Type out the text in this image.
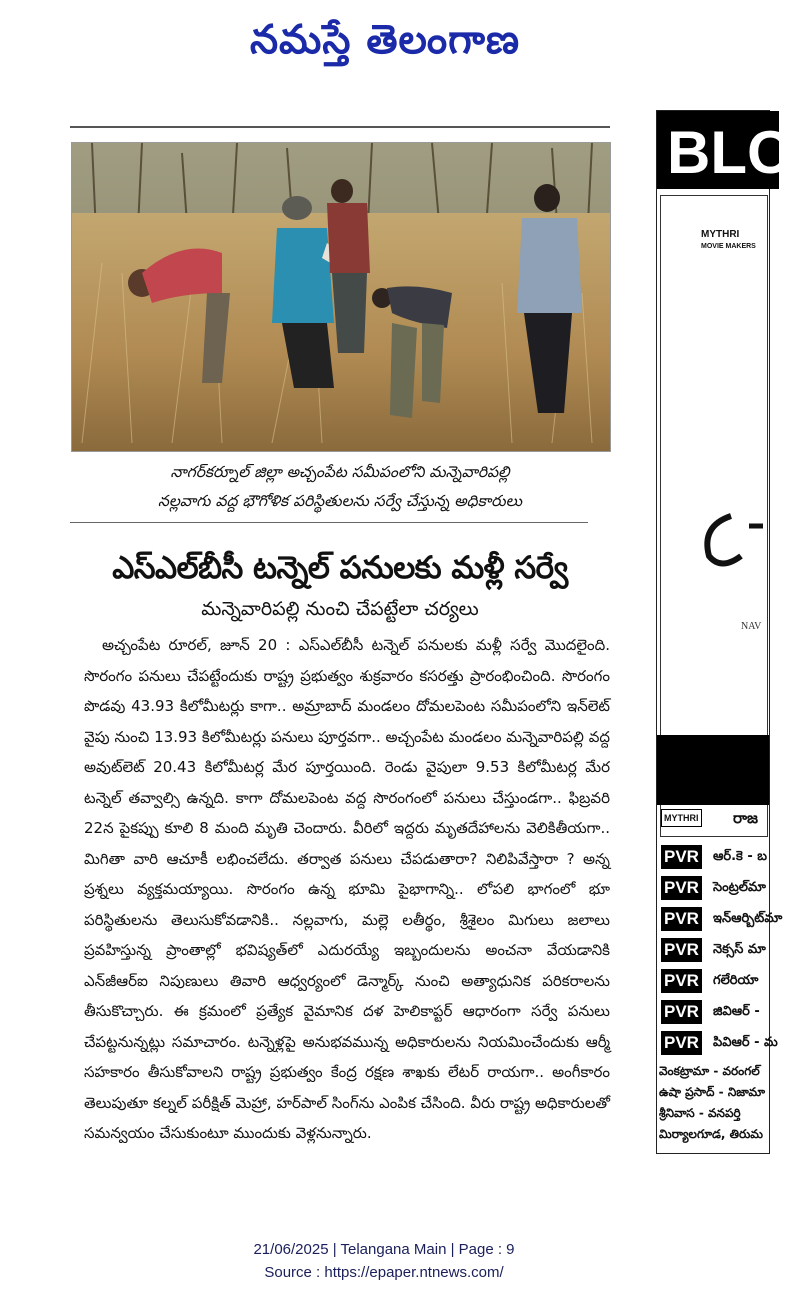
నమస్తే తెలంగాణ
నాగర్‌కర్నూల్ జిల్లా అచ్చంపేట సమీపంలోని మన్నెవారిపల్లి
నల్లవాగు వద్ద భౌగోళిక పరిస్థితులను సర్వే చేస్తున్న అధికారులు
ఎస్‌ఎల్‌బీసీ టన్నెల్ పనులకు మళ్లీ సర్వే
మన్నెవారిపల్లి నుంచి చేపట్టేలా చర్యలు
అచ్చంపేట రూరల్, జూన్ 20 : ఎస్‌ఎల్‌బీసీ టన్నెల్ పనులకు మళ్లీ సర్వే మొదలైంది. సొరంగం పనులు చేపట్టేందుకు రాష్ట్ర ప్రభుత్వం శుక్రవారం కసరత్తు ప్రారంభించింది. సొరంగం పొడవు 43.93 కిలోమీటర్లు కాగా.. అమ్రాబాద్ మండలం దోమలపెంట సమీపంలోని ఇన్‌లెట్ వైపు నుంచి 13.93 కిలోమీటర్లు పనులు పూర్తవగా.. అచ్చంపేట మండలం మన్నెవారిపల్లి వద్ద అవుట్‌లెట్ 20.43 కిలోమీటర్ల మేర పూర్తయింది. రెండు వైపులా 9.53 కిలోమీటర్ల మేర టన్నెల్ తవ్వాల్సి ఉన్నది. కాగా దోమలపెంట వద్ద సొరంగంలో పనులు చేస్తుండగా.. ఫిబ్రవరి 22న పైకప్పు కూలి 8 మంది మృతి చెందారు. వీరిలో ఇద్దరు మృతదేహాలను వెలికితీయగా.. మిగితా వారి ఆచూకీ లభించలేదు. తర్వాత పనులు చేపడుతారా? నిలిపివేస్తారా ? అన్న ప్రశ్నలు వ్యక్తమయ్యాయి. సొరంగం ఉన్న భూమి పైభాగాన్ని.. లోపలి భాగంలో భూ పరిస్థితులను తెలుసుకోవడానికి.. నల్లవాగు, మల్లె లతీర్థం, శ్రీశైలం మిగులు జలాలు ప్రవహిస్తున్న ప్రాంతాల్లో భవిష్యత్‌లో ఎదురయ్యే ఇబ్బందులను అంచనా వేయడానికి ఎన్‌జీఆర్‌ఐ నిపుణులు తివారి ఆధ్వర్యంలో డెన్మార్క్ నుంచి అత్యాధునిక పరికరాలను తీసుకొచ్చారు. ఈ క్రమంలో ప్రత్యేక వైమానిక దళ హెలికాప్టర్ ఆధారంగా సర్వే పనులు చేపట్టనున్నట్లు సమాచారం. టన్నెళ్లపై అనుభవమున్న అధికారులను నియమించేందుకు ఆర్మీ సహకారం తీసుకోవాలని రాష్ట్ర ప్రభుత్వం కేంద్ర రక్షణ శాఖకు లేటర్ రాయగా.. అంగీకారం తెలుపుతూ కల్నల్ పరీక్షిత్ మెహ్రా, హర్‌పాల్ సింగ్‌ను ఎంపిక చేసింది. వీరు రాష్ట్ర అధికారులతో సమన్వయం చేసుకుంటూ ముందుకు వెళ్లనున్నారు.
BLO
MYTHRI
MOVIE MAKERS
NAV
MYTHRI రాజ
PVR ఆర్.కె - బ
PVR సెంట్రల్‌మా
PVR ఇన్‌ఆర్బిట్‌మా
PVR నెక్సస్ మా
PVR గలేరియా
PVR జివిఆర్ -
PVR పివిఆర్ - మ
వెంకట్రామా - వరంగల్
ఉషా ప్రసాద్ - నిజామా
శ్రీనివాస - వనపర్తి
మిర్యాలగూడ, తిరుమ
21/06/2025 | Telangana Main | Page : 9
Source : https://epaper.ntnews.com/
